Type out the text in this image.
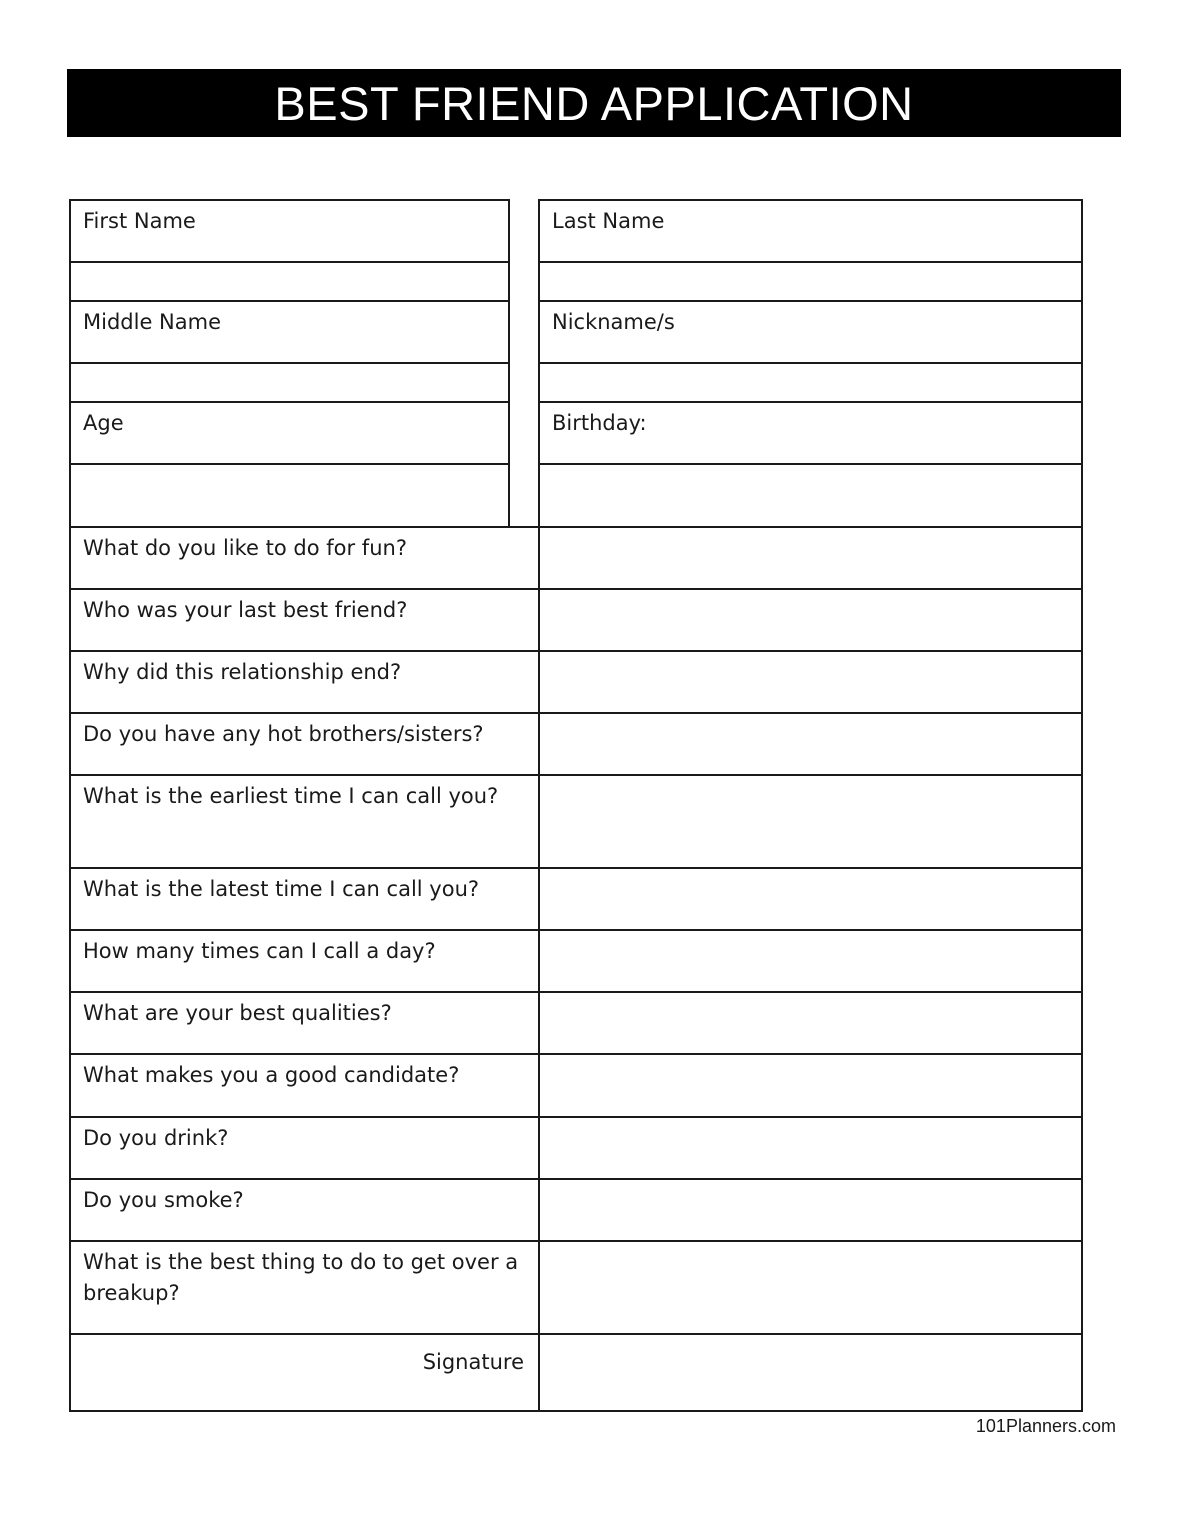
BEST FRIEND APPLICATION
First Name	Last Name
Middle Name	Nickname/s
Age	Birthday:
What do you like to do for fun?
Who was your last best friend?
Why did this relationship end?
Do you have any hot brothers/sisters?
What is the earliest time I can call you?
What is the latest time I can call you?
How many times can I call a day?
What are your best qualities?
What makes you a good candidate?
Do you drink?
Do you smoke?
What is the best thing to do to get over a breakup?
Signature
101Planners.com
